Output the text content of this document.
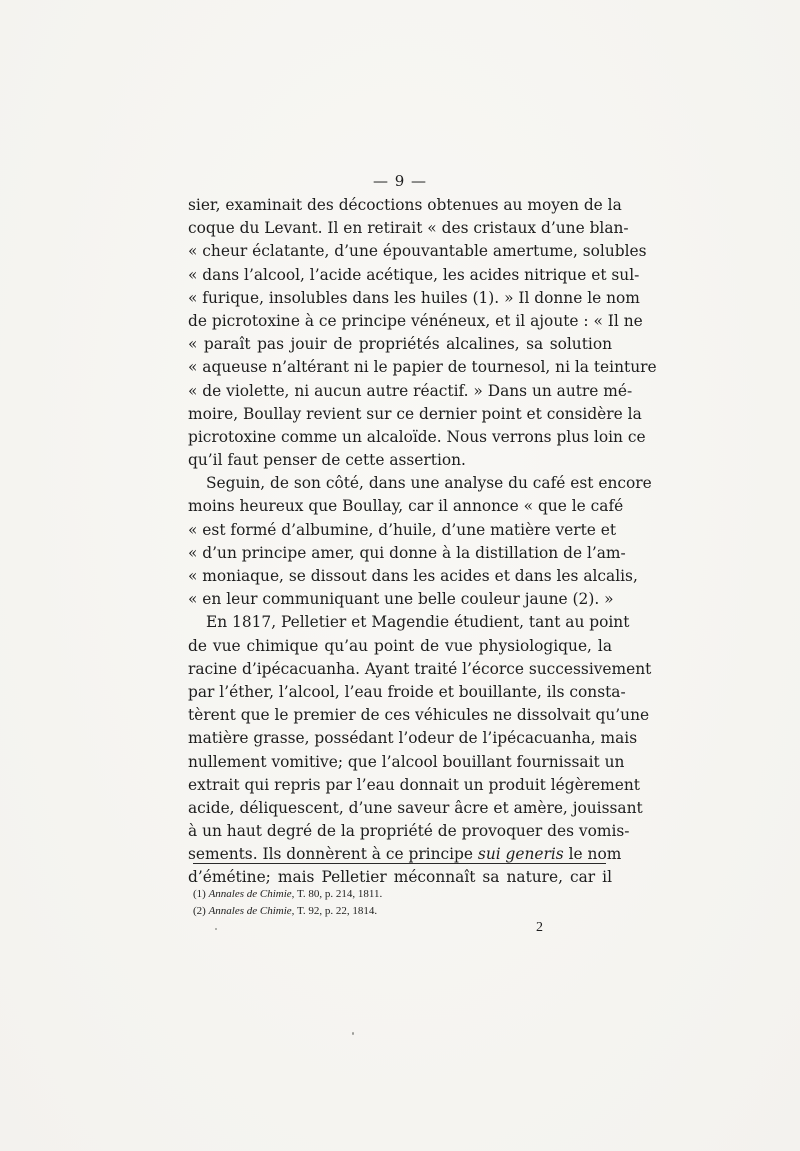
— 9 —
sier, examinait des décoctions obtenues au moyen de la
coque du Levant. Il en retirait « des cristaux d’une blan-
« cheur éclatante, d’une épouvantable amertume, solubles
« dans l’alcool, l’acide acétique, les acides nitrique et sul-
« furique, insolubles dans les huiles (1). » Il donne le nom
de picrotoxine à ce principe vénéneux, et il ajoute : « Il ne
« paraît pas jouir de propriétés alcalines, sa solution
« aqueuse n’altérant ni le papier de tournesol, ni la teinture
« de violette, ni aucun autre réactif. » Dans un autre mé-
moire, Boullay revient sur ce dernier point et considère la
picrotoxine comme un alcaloïde. Nous verrons plus loin ce
qu’il faut penser de cette assertion.
Seguin, de son côté, dans une analyse du café est encore
moins heureux que Boullay, car il annonce « que le café
« est formé d’albumine, d’huile, d’une matière verte et
« d’un principe amer, qui donne à la distillation de l’am-
« moniaque, se dissout dans les acides et dans les alcalis,
« en leur communiquant une belle couleur jaune (2). »
En 1817, Pelletier et Magendie étudient, tant au point
de vue chimique qu’au point de vue physiologique, la
racine d’ipécacuanha. Ayant traité l’écorce successivement
par l’éther, l’alcool, l’eau froide et bouillante, ils consta-
tèrent que le premier de ces véhicules ne dissolvait qu’une
matière grasse, possédant l’odeur de l’ipécacuanha, mais
nullement vomitive; que l’alcool bouillant fournissait un
extrait qui repris par l’eau donnait un produit légèrement
acide, déliquescent, d’une saveur âcre et amère, jouissant
à un haut degré de la propriété de provoquer des vomis-
sements. Ils donnèrent à ce principe sui generis le nom
d’émétine; mais Pelletier méconnaît sa nature, car il
(1) Annales de Chimie, T. 80, p. 214, 1811.
(2) Annales de Chimie, T. 92, p. 22, 1814.
2
